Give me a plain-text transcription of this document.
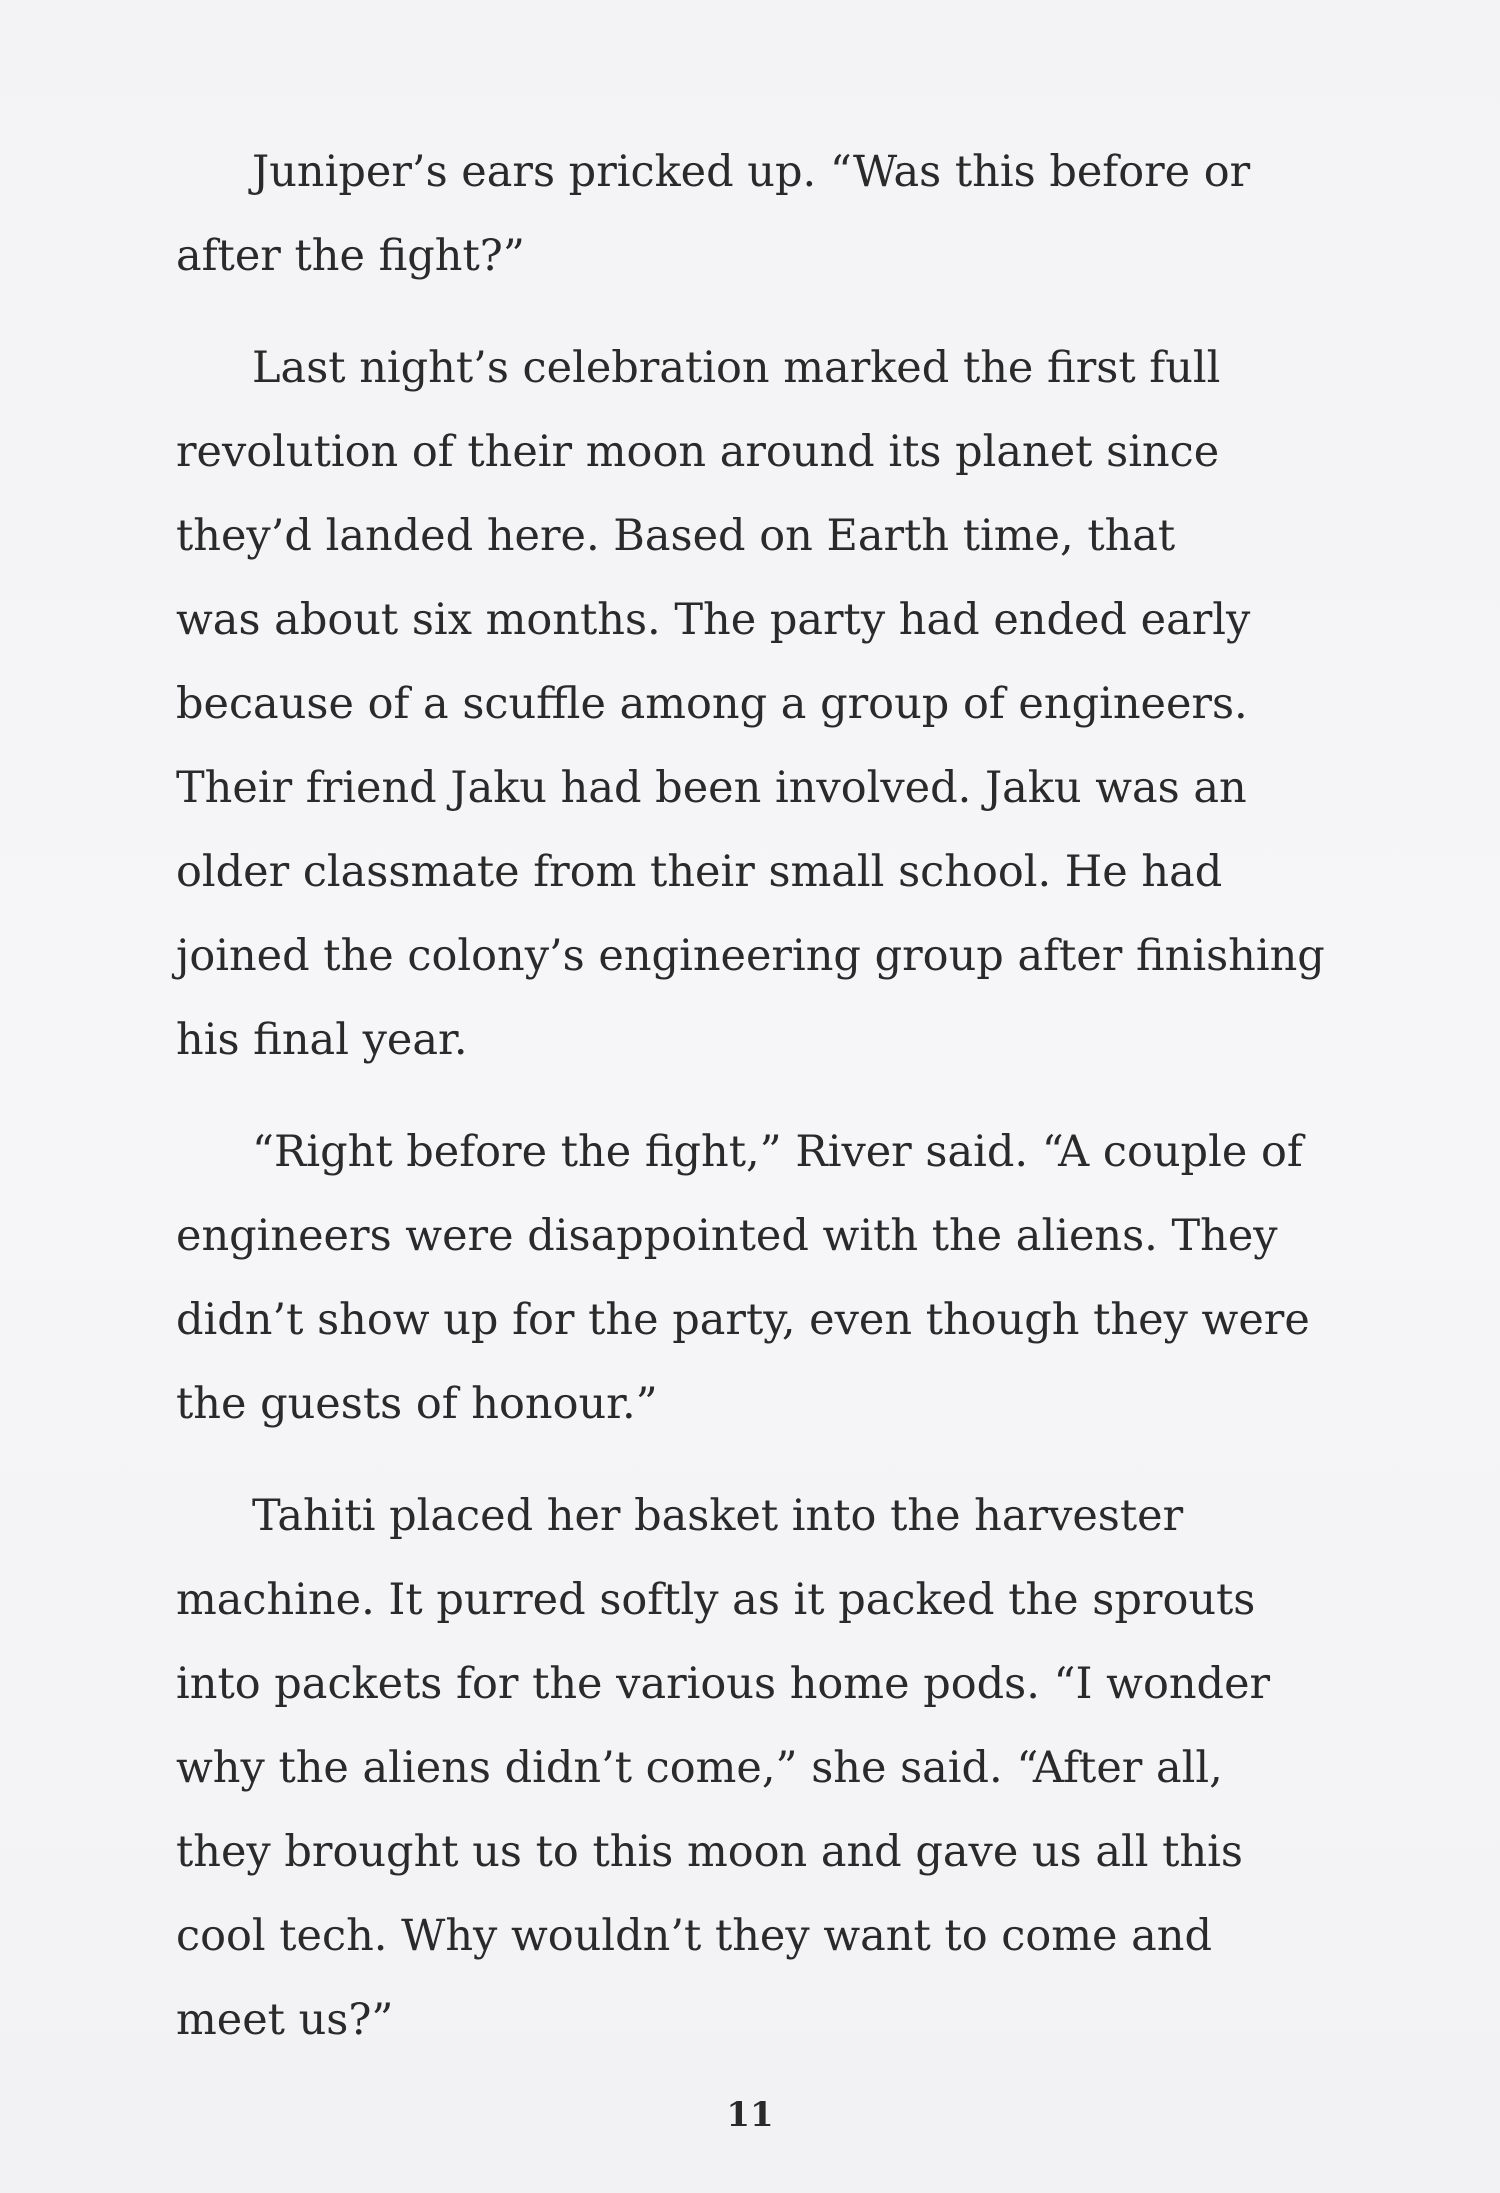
Juniper’s ears pricked up. “Was this before or
after the fight?”

Last night’s celebration marked the first full
revolution of their moon around its planet since
they’d landed here. Based on Earth time, that
was about six months. The party had ended early
because of a scuffle among a group of engineers.
Their friend Jaku had been involved. Jaku was an
older classmate from their small school. He had
joined the colony’s engineering group after finishing
his final year.

“Right before the fight,” River said. “A couple of
engineers were disappointed with the aliens. They
didn’t show up for the party, even though they were
the guests of honour.”

Tahiti placed her basket into the harvester
machine. It purred softly as it packed the sprouts
into packets for the various home pods. “I wonder
why the aliens didn’t come,” she said. “After all,
they brought us to this moon and gave us all this
cool tech. Why wouldn’t they want to come and
meet us?”

11
